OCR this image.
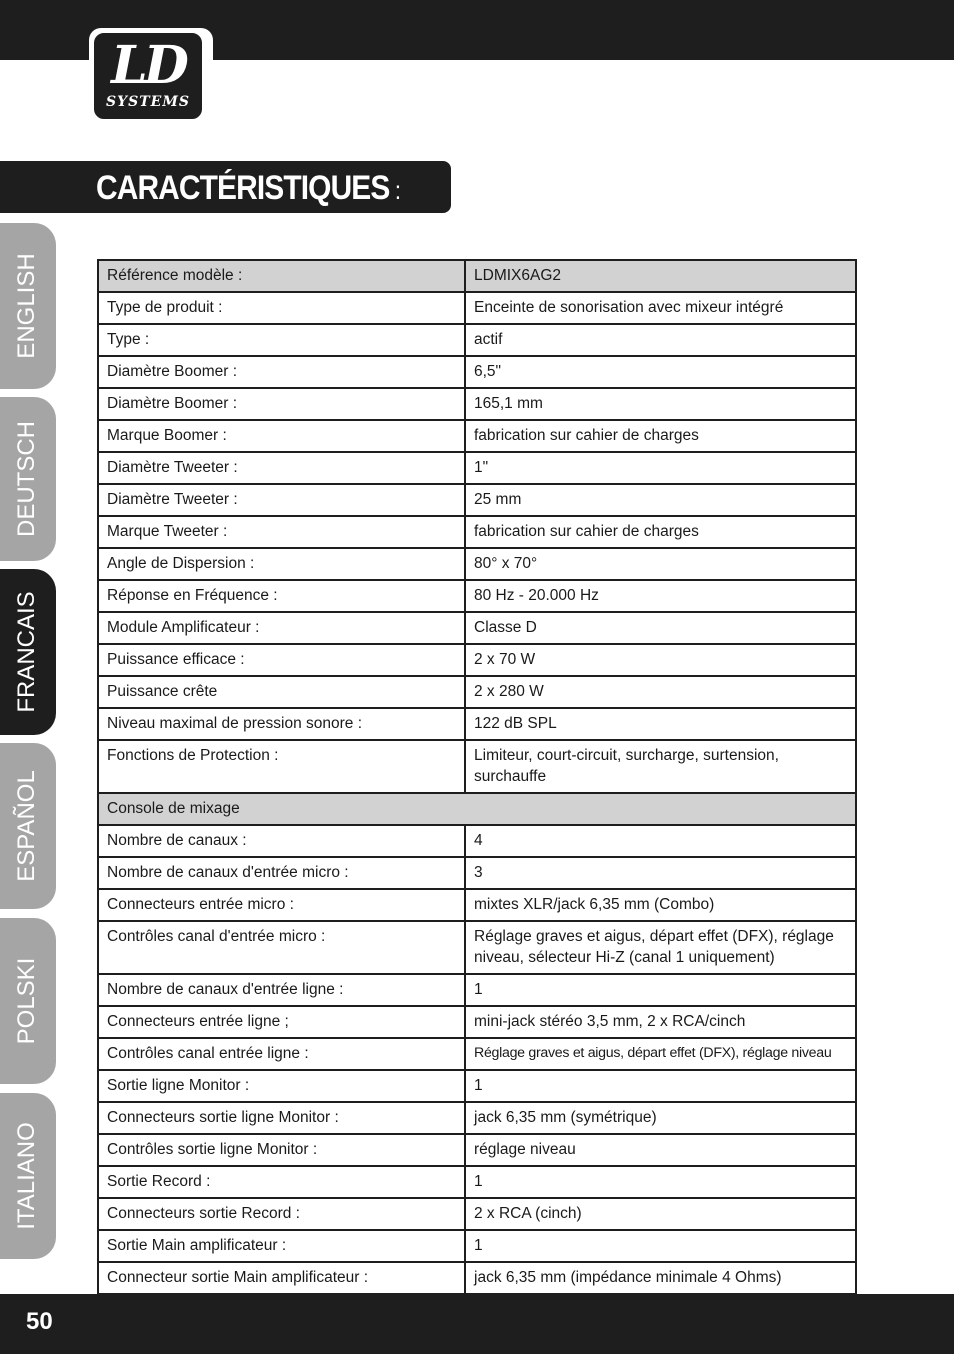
LD
SYSTEMS
CARACTÉRISTIQUES :
ENGLISH
DEUTSCH
FRANCAIS
ESPAÑOL
POLSKI
ITALIANO
Référence modèle :	LDMIX6AG2
Type de produit :	Enceinte de sonorisation avec mixeur intégré
Type :	actif
Diamètre Boomer :	6,5"
Diamètre Boomer :	165,1 mm
Marque Boomer :	fabrication sur cahier de charges
Diamètre Tweeter :	1"
Diamètre Tweeter :	25 mm
Marque Tweeter :	fabrication sur cahier de charges
Angle de Dispersion :	80° x 70°
Réponse en Fréquence :	80 Hz - 20.000 Hz
Module Amplificateur :	Classe D
Puissance efficace :	2 x 70 W
Puissance crête	2 x 280 W
Niveau maximal de pression sonore :	122 dB SPL
Fonctions de Protection :	Limiteur, court-circuit, surcharge, surtension, surchauffe
Console de mixage	
Nombre de canaux :	4
Nombre de canaux d'entrée micro :	3
Connecteurs entrée micro :	mixtes XLR/jack 6,35 mm (Combo)
Contrôles canal d'entrée micro :	Réglage graves et aigus, départ effet (DFX), réglage niveau, sélecteur Hi-Z (canal 1 uniquement)
Nombre de canaux d'entrée ligne :	1
Connecteurs entrée ligne ;	mini-jack stéréo 3,5 mm, 2 x RCA/cinch
Contrôles canal entrée ligne :	Réglage graves et aigus, départ effet (DFX), réglage niveau
Sortie ligne Monitor :	1
Connecteurs sortie ligne Monitor :	jack 6,35 mm (symétrique)
Contrôles sortie ligne Monitor :	réglage niveau
Sortie Record :	1
Connecteurs sortie Record :	2 x RCA (cinch)
Sortie Main amplificateur :	1
Connecteur sortie Main amplificateur :	jack 6,35 mm (impédance minimale 4 Ohms)
50
